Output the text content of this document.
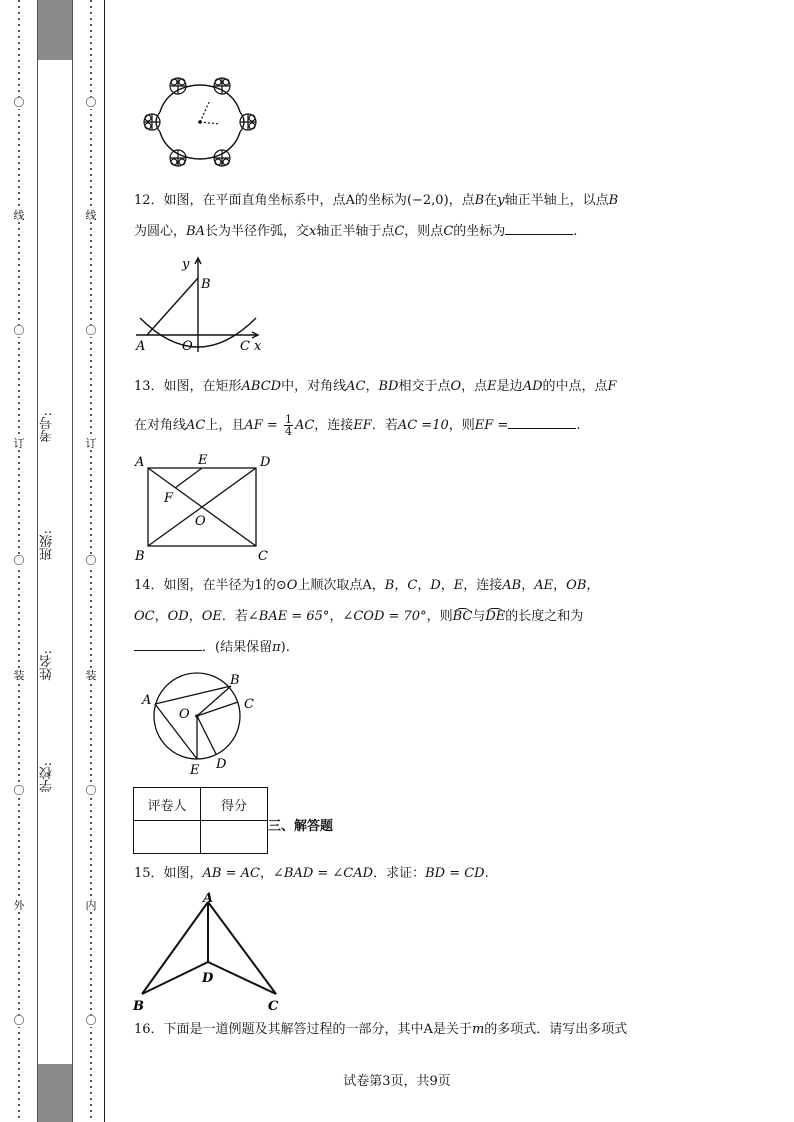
〇
线
〇
订
〇
装
〇
外
〇
考号:
班级:
姓名:
学校:
〇
线
〇
订
〇
装
〇
内
〇
12．如图，在平面直角坐标系中，点A的坐标为(−2,0)，点B在y轴正半轴上，以点B
为圆心，BA长为半径作弧，交x轴正半轴于点C，则点C的坐标为	.
y
B
A	O	C x
13．如图，在矩形ABCD中，对角线AC，BD相交于点O，点E是边AD的中点，点F
在对角线AC上，且AF = $\frac{1}{4}$ AC，连接EF．若AC =10，则EF =	.
A	E	D
F
O
B	C
14．如图，在半径为1的⊙O上顺次取点A，B，C，D，E，连接AB，AE，OB，
OC，OD，OE．若∠BAE = 65°，∠COD = 70°，则BC与DE的长度之和为
．(结果保留π).
A
B
C
O
E D
评卷人	得分

三、解答题
15．如图，AB = AC，∠BAD = ∠CAD．求证：BD = CD.
A
D
B	C
16．下面是一道例题及其解答过程的一部分，其中A是关于m的多项式．请写出多项式
试卷第3页，共9页
